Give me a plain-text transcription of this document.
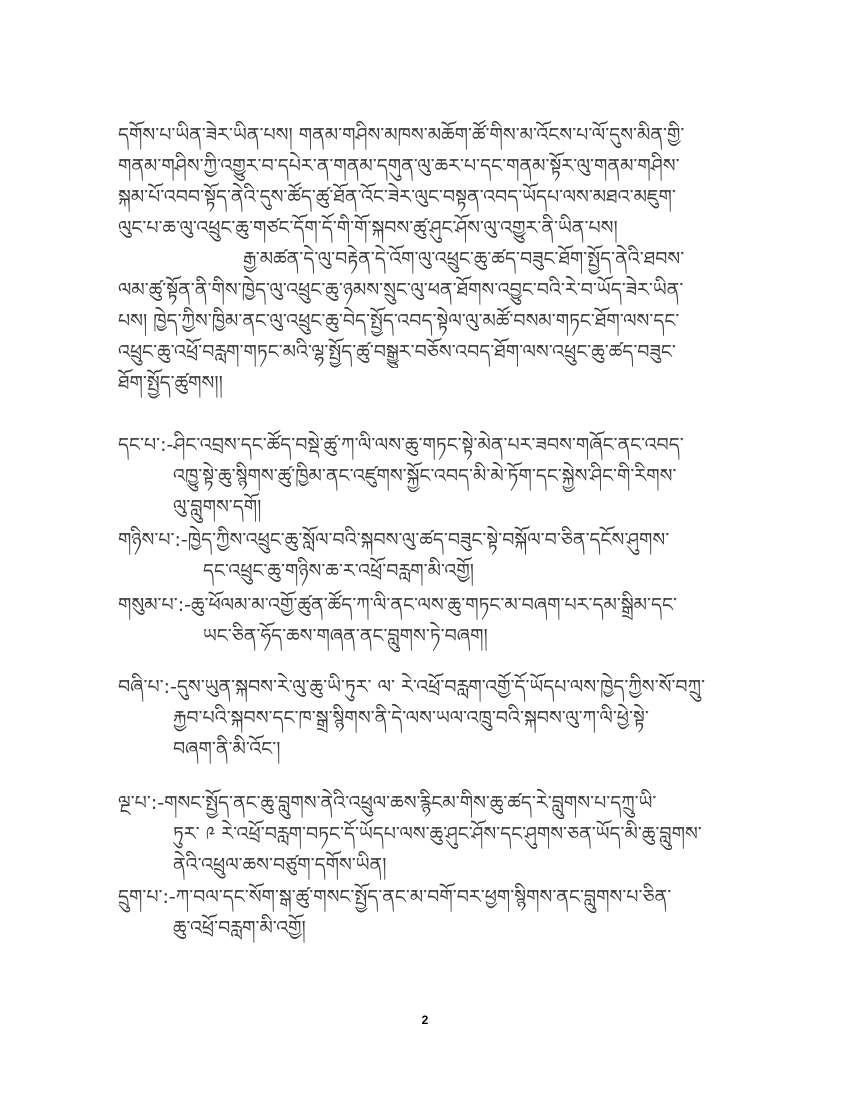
དགོས་པ་ཡིན་ཟེར་ཡིན་པས། གནམ་གཤིས་མཁས་མཆོག་ཚོ་གིས་མ་འོངས་པ་ལོ་དུས་མིན་གྱི་
གནམ་གཤིས་ཀྱི་འགྱུར་བ་དཔེར་ན་གནམ་དགུན་ལུ་ཆར་པ་དང་གནམ་སྟོར་ལུ་གནམ་གཤིས་
སྐམ་པོ་འབབ་སྟོད་ནེའི་དུས་ཚོད་ཚུ་ཐོན་འོང་ཟེར་ལུང་བསྟན་འབད་ཡོདཔ་ལས་མཐའ་མཇུག་
ལུང་པ་ཆ་ལུ་འཕྲུང་ཆུ་གཙང་དོག་དོ་གི་གོ་སྐབས་ཚུ་ཤུང་ཤོས་ལུ་འགྱུར་ནི་ཡིན་པས།
རྒྱ་མཚན་དེ་ལུ་བརྟེན་དེ་འོག་ལུ་འཕྲུང་ཆུ་ཚད་བཟུང་ཐོག་སྤྱོད་ནེའི་ཐབས་
ལམ་ཚུ་སྟོན་ནི་གིས་ཁྱེད་ལུ་འཕྲུང་ཆུ་ཉམས་སྲུང་ལུ་ཕན་ཐོགས་འབྱུང་བའི་རེ་བ་ཡོད་ཟེར་ཡིན་
པས། ཁྱེད་ཀྱིས་ཁྱིམ་ནང་ལུ་འཕྲུང་ཆུ་བེད་སྤྱོད་འབད་སྟེལ་ལུ་མཚོ་བསམ་གཏང་ཐོག་ལས་དང་
འཕྲུང་ཆུ་འཕྲོ་བརླག་གཏང་མའི་ལྷ་སྤྱོད་ཚུ་བསྒྱུར་བཅོས་འབད་ཐོག་ལས་འཕྲུང་ཆུ་ཚད་བཟུང་
ཐོག་སྤྱོད་ཚུགས།།
དང་པ་:-ཤིང་འབྲས་དང་ཚོད་བསྡེ་ཚུ་ཀ་ལི་ལས་ཆུ་གཏང་སྟེ་མེན་པར་ཟབས་གཞོང་ནང་འབད་
འཁྱུ་སྟེ་ཆུ་སྙིགས་ཚུ་ཁྱིམ་ནང་འཛུགས་སྐྱོང་འབད་མི་མེ་ཏོག་དང་སྐྱེས་ཤིང་གི་རིགས་
ལུ་བླུགས་དགོ།
གཉིས་པ་:-ཁྱེད་ཀྱིས་འཕྲུང་ཆུ་སློལ་བའི་སྐབས་ལུ་ཚད་བཟུང་སྟེ་བསྐོལ་བ་ཅིན་དངོས་ཤུགས་
དང་འཕྲུང་ཆུ་གཉིས་ཆ་ར་འཕྲོ་བརླག་མི་འགྱོ།
གསུམ་པ་:-ཆུ་ཕོལམ་མ་འགྱོ་ཚུན་ཚོད་ཀ་ལི་ནང་ལས་ཆུ་གཏང་མ་བཞག་པར་དམ་སྒྲིམ་དང་
ཡང་ཅིན་ཧོད་ཆས་གཞན་ནང་བླུགས་ཏེ་བཞག།
བཞི་པ་:-དུས་ཡུན་སྐབས་རེ་ལུ་ཆུ་ཡི་ཏུར་ ལ་ རེ་འཕྲོ་བརླག་འགྱོ་དོ་ཡོདཔ་ལས་ཁྱེད་ཀྱིས་སོ་བཀྲུ་
རྐྱབ་པའི་སྐབས་དང་ཁ་སྒྲ་སྙིགས་ནི་དེ་ལས་ཡལ་འཁྲུ་བའི་སྐབས་ལུ་ཀ་ལི་ཕྱེ་སྟེ་
བཞག་ནི་མི་འོང་།
ལྔ་པ་:-གསང་སྤྱོད་ནང་ཆུ་བླུགས་ནེའི་འཕྲུལ་ཆས་རྙིངམ་གིས་ཆུ་ཚད་རེ་བླུགས་པ་དཀྲུ་ཡི་
ཏུར་ ༩ རེ་འཕྲོ་བརླག་བཏང་དོ་ཡོདཔ་ལས་ཆུ་ཤུང་ཤོས་དང་ཤུགས་ཅན་ཡོད་མི་ཆུ་བླུགས་
ནེའི་འཕྲུལ་ཆས་བཙུག་དགོས་ཡིན།
དྲུག་པ་:-ཀ་བལ་དང་སོག་སྒ་ཚུ་གསང་སྤྱོད་ནང་མ་བགོ་བར་ཕྱག་སྙིགས་ནང་བླུགས་པ་ཅིན་
ཆུ་འཕྲོ་བརླག་མི་འགྱོ།
2
